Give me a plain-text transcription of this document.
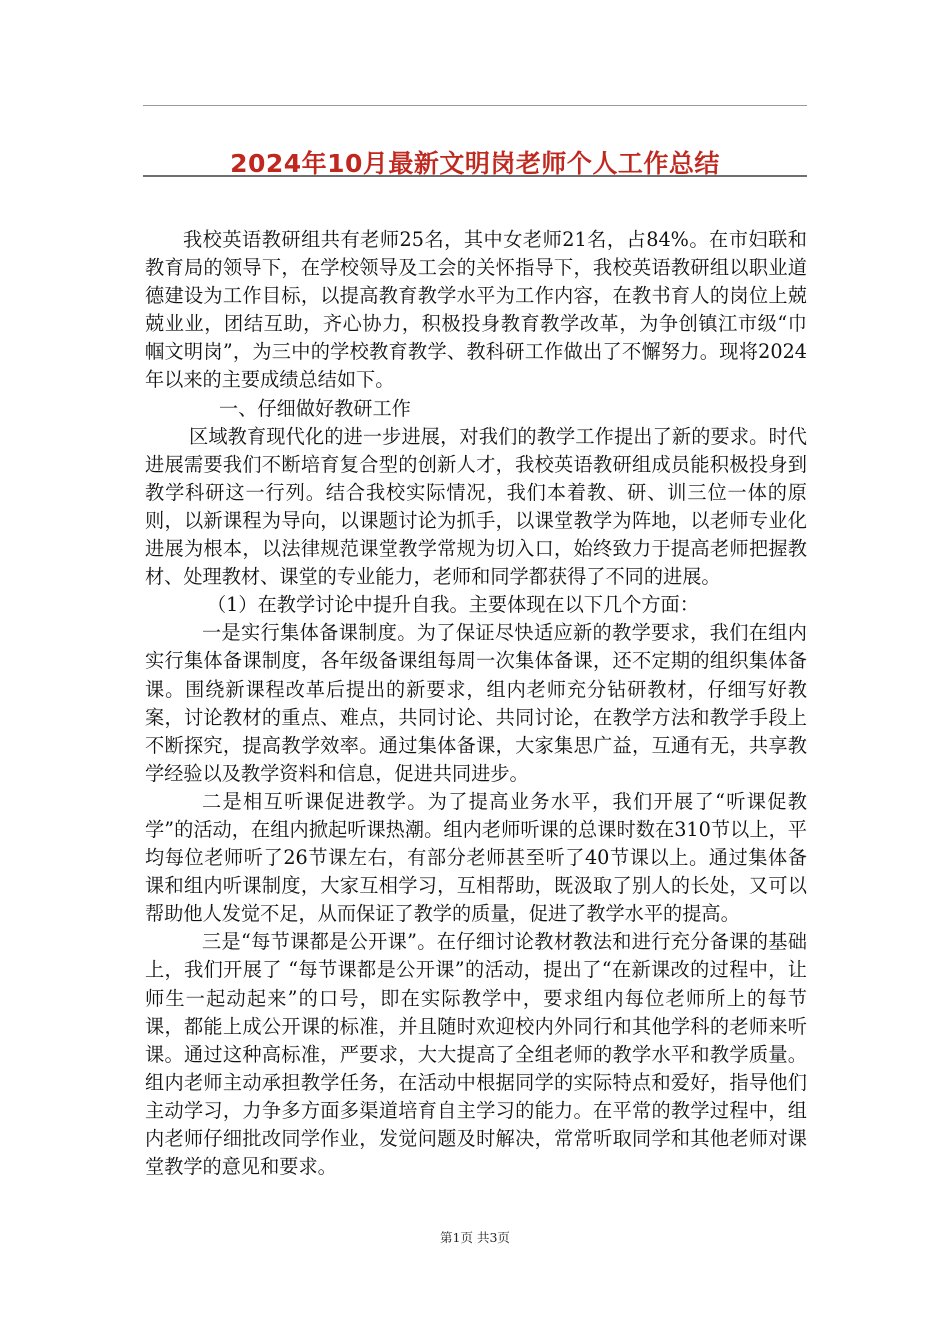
2024年10月最新文明岗老师个人工作总结

我校英语教研组共有老师25名，其中女老师21名，占84%。在市妇联和教育局的领导下，在学校领导及工会的关怀指导下，我校英语教研组以职业道德建设为工作目标，以提高教育教学水平为工作内容，在教书育人的岗位上兢兢业业，团结互助，齐心协力，积极投身教育教学改革，为争创镇江市级“巾帼文明岗”，为三中的学校教育教学、教科研工作做出了不懈努力。现将2024年以来的主要成绩总结如下。

一、仔细做好教研工作

区域教育现代化的进一步进展，对我们的教学工作提出了新的要求。时代进展需要我们不断培育复合型的创新人才，我校英语教研组成员能积极投身到教学科研这一行列。结合我校实际情况，我们本着教、研、训三位一体的原则，以新课程为导向，以课题讨论为抓手，以课堂教学为阵地，以老师专业化进展为根本，以法律规范课堂教学常规为切入口，始终致力于提高老师把握教材、处理教材、课堂的专业能力，老师和同学都获得了不同的进展。

（1）在教学讨论中提升自我。主要体现在以下几个方面：

一是实行集体备课制度。为了保证尽快适应新的教学要求，我们在组内实行集体备课制度，各年级备课组每周一次集体备课，还不定期的组织集体备课。围绕新课程改革后提出的新要求，组内老师充分钻研教材，仔细写好教案，讨论教材的重点、难点，共同讨论、共同讨论，在教学方法和教学手段上不断探究，提高教学效率。通过集体备课，大家集思广益，互通有无，共享教学经验以及教学资料和信息，促进共同进步。

二是相互听课促进教学。为了提高业务水平，我们开展了“听课促教学”的活动，在组内掀起听课热潮。组内老师听课的总课时数在310节以上，平均每位老师听了26节课左右，有部分老师甚至听了40节课以上。通过集体备课和组内听课制度，大家互相学习，互相帮助，既汲取了别人的长处，又可以帮助他人发觉不足，从而保证了教学的质量，促进了教学水平的提高。

三是“每节课都是公开课”。在仔细讨论教材教法和进行充分备课的基础上，我们开展了 “每节课都是公开课”的活动，提出了“在新课改的过程中，让师生一起动起来”的口号，即在实际教学中，要求组内每位老师所上的每节课，都能上成公开课的标准，并且随时欢迎校内外同行和其他学科的老师来听课。通过这种高标准，严要求，大大提高了全组老师的教学水平和教学质量。组内老师主动承担教学任务，在活动中根据同学的实际特点和爱好，指导他们主动学习，力争多方面多渠道培育自主学习的能力。在平常的教学过程中，组内老师仔细批改同学作业，发觉问题及时解决，常常听取同学和其他老师对课堂教学的意见和要求。

第1页 共3页
